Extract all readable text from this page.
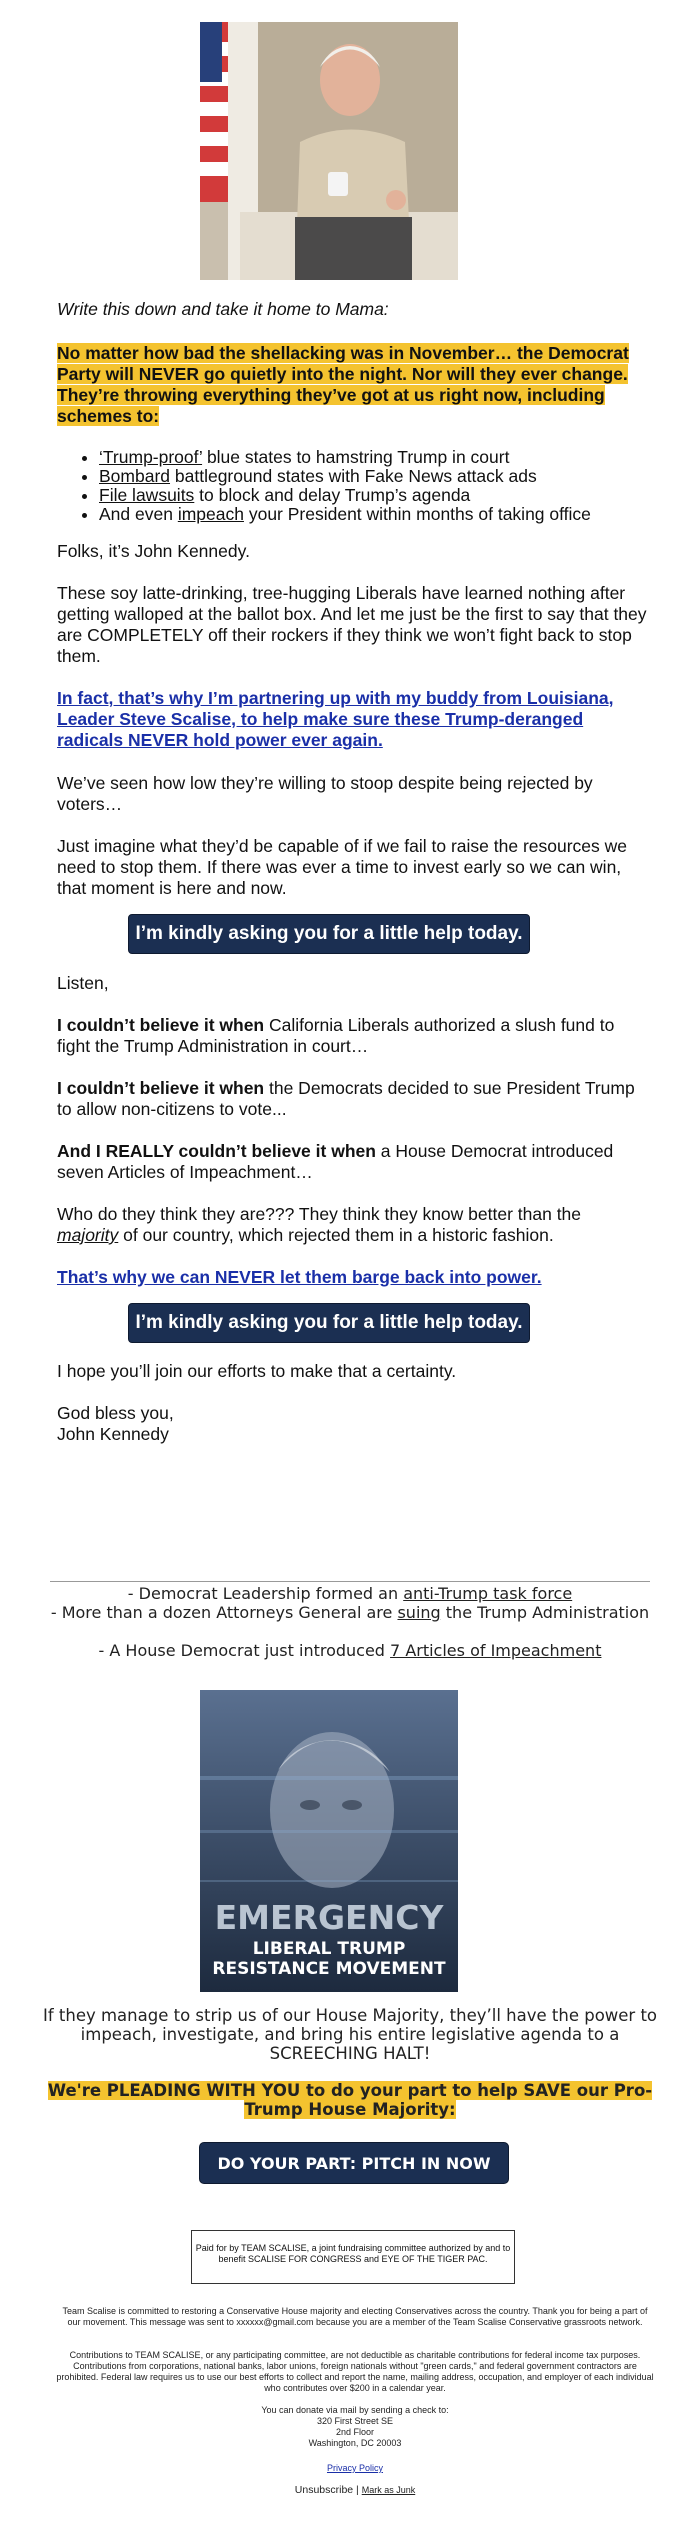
Write this down and take it home to Mama:
No matter how bad the shellacking was in November… the Democrat Party will NEVER go quietly into the night. Nor will they ever change. They’re throwing everything they’ve got at us right now, including schemes to:
• ‘Trump-proof’ blue states to hamstring Trump in court
• Bombard battleground states with Fake News attack ads
• File lawsuits to block and delay Trump’s agenda
• And even impeach your President within months of taking office
Folks, it’s John Kennedy.
These soy latte-drinking, tree-hugging Liberals have learned nothing after getting walloped at the ballot box. And let me just be the first to say that they are COMPLETELY off their rockers if they think we won’t fight back to stop them.
In fact, that’s why I’m partnering up with my buddy from Louisiana, Leader Steve Scalise, to help make sure these Trump-deranged radicals NEVER hold power ever again.
We’ve seen how low they’re willing to stoop despite being rejected by voters…
Just imagine what they’d be capable of if we fail to raise the resources we need to stop them. If there was ever a time to invest early so we can win, that moment is here and now.
I’m kindly asking you for a little help today.
Listen,
I couldn’t believe it when California Liberals authorized a slush fund to fight the Trump Administration in court…
I couldn’t believe it when the Democrats decided to sue President Trump to allow non-citizens to vote...
And I REALLY couldn’t believe it when a House Democrat introduced seven Articles of Impeachment…
Who do they think they are??? They think they know better than the majority of our country, which rejected them in a historic fashion.
That’s why we can NEVER let them barge back into power.
I’m kindly asking you for a little help today.
I hope you’ll join our efforts to make that a certainty.
God bless you,
John Kennedy
- Democrat Leadership formed an anti-Trump task force
- More than a dozen Attorneys General are suing the Trump Administration
- A House Democrat just introduced 7 Articles of Impeachment
EMERGENCY
LIBERAL TRUMP
RESISTANCE MOVEMENT
If they manage to strip us of our House Majority, they’ll have the power to impeach, investigate, and bring his entire legislative agenda to a SCREECHING HALT!
We're PLEADING WITH YOU to do your part to help SAVE our Pro-Trump House Majority:
DO YOUR PART: PITCH IN NOW
Paid for by TEAM SCALISE, a joint fundraising committee authorized by and to benefit SCALISE FOR CONGRESS and EYE OF THE TIGER PAC.
Team Scalise is committed to restoring a Conservative House majority and electing Conservatives across the country. Thank you for being a part of our movement. This message was sent to xxxxxx@gmail.com because you are a member of the Team Scalise Conservative grassroots network.
Contributions to TEAM SCALISE, or any participating committee, are not deductible as charitable contributions for federal income tax purposes. Contributions from corporations, national banks, labor unions, foreign nationals without "green cards," and federal government contractors are prohibited. Federal law requires us to use our best efforts to collect and report the name, mailing address, occupation, and employer of each individual who contributes over $200 in a calendar year.
You can donate via mail by sending a check to:
320 First Street SE
2nd Floor
Washington, DC 20003
Privacy Policy
Unsubscribe | Mark as Junk
